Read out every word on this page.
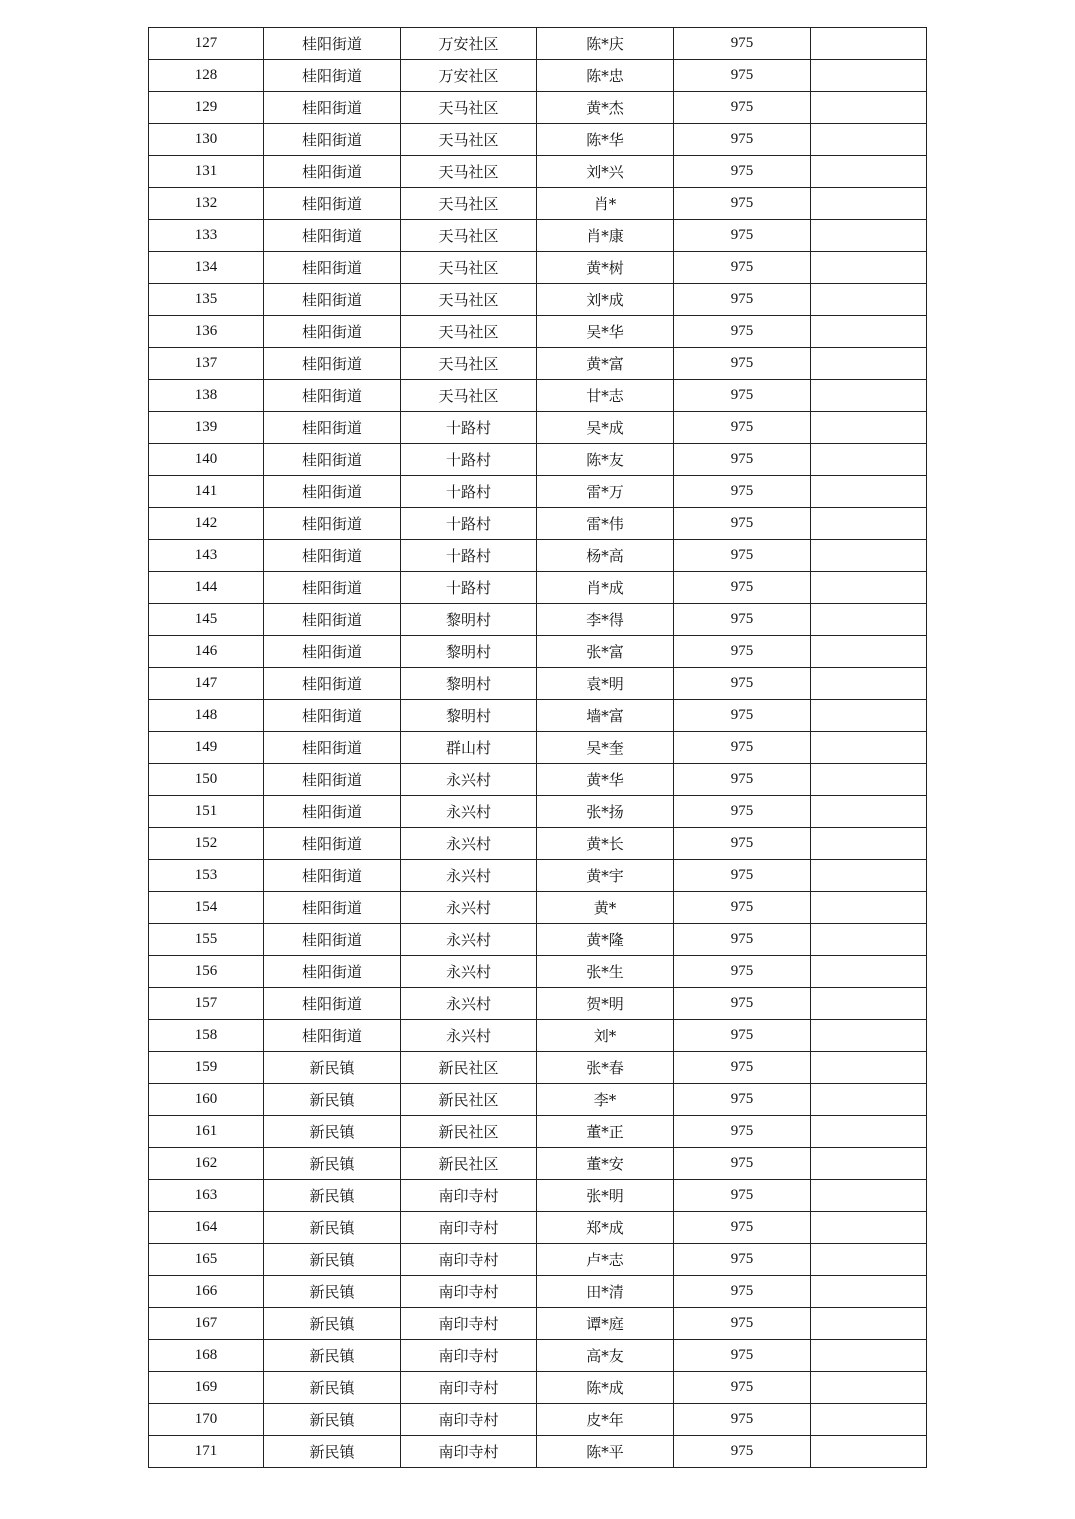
127	桂阳街道	万安社区	陈*庆	975	
128	桂阳街道	万安社区	陈*忠	975	
129	桂阳街道	天马社区	黄*杰	975	
130	桂阳街道	天马社区	陈*华	975	
131	桂阳街道	天马社区	刘*兴	975	
132	桂阳街道	天马社区	肖*	975	
133	桂阳街道	天马社区	肖*康	975	
134	桂阳街道	天马社区	黄*树	975	
135	桂阳街道	天马社区	刘*成	975	
136	桂阳街道	天马社区	吴*华	975	
137	桂阳街道	天马社区	黄*富	975	
138	桂阳街道	天马社区	甘*志	975	
139	桂阳街道	十路村	吴*成	975	
140	桂阳街道	十路村	陈*友	975	
141	桂阳街道	十路村	雷*万	975	
142	桂阳街道	十路村	雷*伟	975	
143	桂阳街道	十路村	杨*高	975	
144	桂阳街道	十路村	肖*成	975	
145	桂阳街道	黎明村	李*得	975	
146	桂阳街道	黎明村	张*富	975	
147	桂阳街道	黎明村	袁*明	975	
148	桂阳街道	黎明村	墙*富	975	
149	桂阳街道	群山村	吴*奎	975	
150	桂阳街道	永兴村	黄*华	975	
151	桂阳街道	永兴村	张*扬	975	
152	桂阳街道	永兴村	黄*长	975	
153	桂阳街道	永兴村	黄*宇	975	
154	桂阳街道	永兴村	黄*	975	
155	桂阳街道	永兴村	黄*隆	975	
156	桂阳街道	永兴村	张*生	975	
157	桂阳街道	永兴村	贺*明	975	
158	桂阳街道	永兴村	刘*	975	
159	新民镇	新民社区	张*春	975	
160	新民镇	新民社区	李*	975	
161	新民镇	新民社区	董*正	975	
162	新民镇	新民社区	董*安	975	
163	新民镇	南印寺村	张*明	975	
164	新民镇	南印寺村	郑*成	975	
165	新民镇	南印寺村	卢*志	975	
166	新民镇	南印寺村	田*清	975	
167	新民镇	南印寺村	谭*庭	975	
168	新民镇	南印寺村	高*友	975	
169	新民镇	南印寺村	陈*成	975	
170	新民镇	南印寺村	皮*年	975	
171	新民镇	南印寺村	陈*平	975	
